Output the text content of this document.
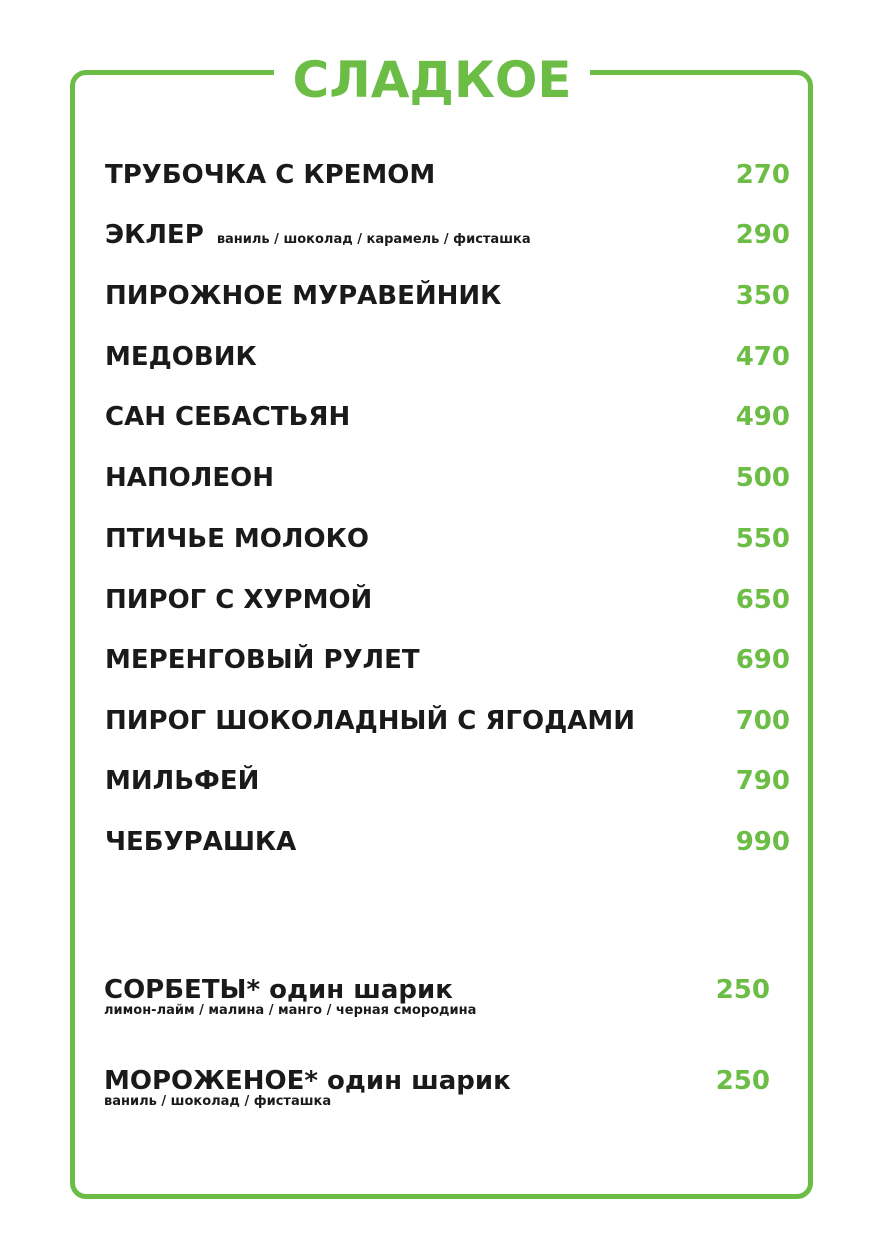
СЛАДКОЕ
ТРУБОЧКА С КРЕМОМ	270
ЭКЛЕР ваниль / шоколад / карамель / фисташка	290
ПИРОЖНОЕ МУРАВЕЙНИК	350
МЕДОВИК	470
САН СЕБАСТЬЯН	490
НАПОЛЕОН	500
ПТИЧЬЕ МОЛОКО	550
ПИРОГ С ХУРМОЙ	650
МЕРЕНГОВЫЙ РУЛЕТ	690
ПИРОГ ШОКОЛАДНЫЙ С ЯГОДАМИ	700
МИЛЬФЕЙ	790
ЧЕБУРАШКА	990
СОРБЕТЫ* один шарик	250
лимон-лайм / малина / манго / черная смородина
МОРОЖЕНОЕ* один шарик	250
ваниль / шоколад / фисташка
